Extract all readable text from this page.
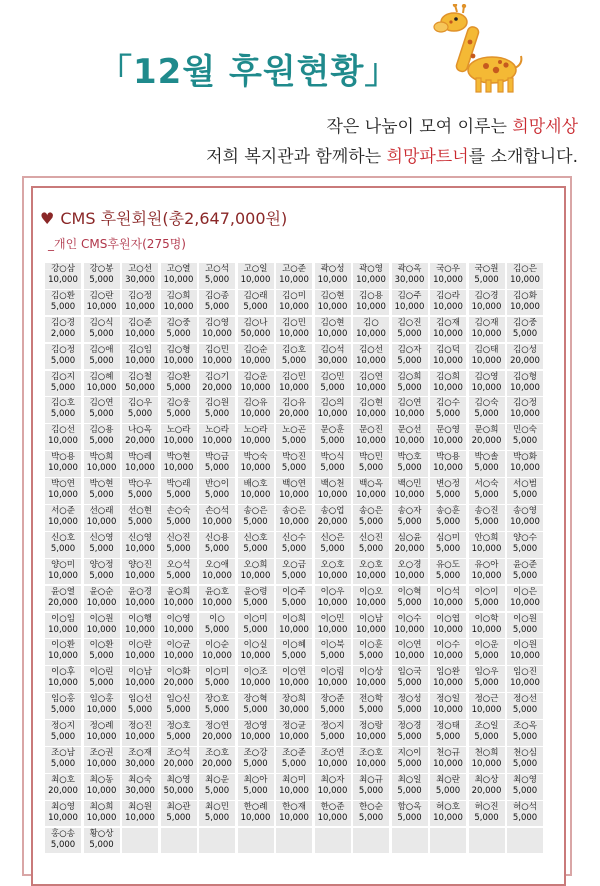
「12월 후원현황」
작은 나눔이 모여 이루는 희망세상
저희 복지관과 함께하는 희망파트너를 소개합니다.
♥ CMS 후원회원(총2,647,000원)
_개인 CMS후원자(275명)
강○삼
10,000
강○봉
5,000
고○선
30,000
고○열
10,000
고○석
5,000
고○일
10,000
고○준
10,000
곽○성
10,000
곽○영
10,000
곽○옥
30,000
국○우
10,000
국○원
5,000
김○은
10,000
김○환
5,000
김○란
10,000
김○정
10,000
김○희
10,000
김○종
5,000
김○래
5,000
김○미
10,000
김○현
10,000
김○용
10,000
김○주
10,000
김○라
10,000
김○경
10,000
김○화
10,000
김○경
2,000
김○식
5,000
김○준
10,000
김○중
5,000
김○영
10,000
김○나
50,000
김○민
10,000
김○현
10,000
김○
10,000
김○진
5,000
김○재
10,000
김○재
10,000
김○중
5,000
김○정
5,000
김○애
5,000
김○임
10,000
김○형
10,000
김○민
10,000
김○순
10,000
김○호
5,000
김○석
30,000
김○선
10,000
김○자
5,000
김○덕
10,000
김○태
10,000
김○성
20,000
김○지
5,000
김○혜
10,000
김○철
50,000
김○환
5,000
김○기
20,000
김○운
10,000
김○민
10,000
김○민
5,000
김○연
10,000
김○희
5,000
김○희
10,000
김○영
10,000
김○형
10,000
김○호
5,000
김○연
5,000
김○우
5,000
김○웅
5,000
김○원
5,000
김○유
10,000
김○유
20,000
김○의
10,000
김○현
10,000
김○연
10,000
김○수
5,000
김○숙
5,000
김○정
10,000
김○선
10,000
김○용
5,000
나○옥
20,000
노○라
10,000
노○라
10,000
노○라
10,000
노○곤
5,000
문○훈
5,000
문○진
10,000
문○선
10,000
문○영
10,000
문○희
20,000
민○숙
5,000
박○용
10,000
박○희
10,000
박○레
10,000
박○현
10,000
박○금
5,000
박○숙
10,000
박○진
5,000
박○식
5,000
박○민
5,000
박○호
5,000
박○용
10,000
박○솔
5,000
박○화
10,000
박○연
10,000
박○현
5,000
박○우
5,000
박○래
5,000
반○이
5,000
배○호
10,000
백○연
10,000
백○천
10,000
백○옥
10,000
백○민
10,000
변○정
5,000
서○숙
5,000
서○범
5,000
서○준
10,000
선○래
10,000
선○현
5,000
손○숙
5,000
손○석
10,000
송○은
5,000
송○은
10,000
송○업
20,000
송○은
5,000
송○자
5,000
송○훈
5,000
송○진
5,000
송○영
10,000
신○호
5,000
신○영
5,000
신○영
10,000
신○진
5,000
신○용
5,000
신○호
5,000
신○수
5,000
신○은
5,000
신○진
5,000
심○윤
20,000
심○미
5,000
안○희
10,000
양○수
5,000
양○미
10,000
양○정
5,000
양○진
10,000
오○석
5,000
오○애
10,000
오○희
10,000
오○금
5,000
오○호
10,000
오○호
10,000
오○경
10,000
유○도
5,000
유○아
10,000
윤○준
5,000
윤○열
20,000
윤○순
10,000
윤○경
10,000
윤○희
10,000
윤○호
10,000
윤○령
5,000
이○주
5,000
이○우
10,000
이○오
10,000
이○혁
5,000
이○석
10,000
이○이
5,000
이○은
10,000
이○임
10,000
이○원
10,000
이○행
10,000
이○영
10,000
이○
5,000
이○미
5,000
이○희
10,000
이○민
10,000
이○남
10,000
이○수
10,000
이○엽
10,000
이○학
10,000
이○원
5,000
이○환
10,000
이○환
5,000
이○란
10,000
이○균
10,000
이○순
10,000
이○실
10,000
이○혜
5,000
이○북
5,000
이○훈
5,000
이○연
10,000
이○수
10,000
이○운
5,000
이○원
10,000
이○후
10,000
이○린
5,000
이○남
10,000
이○화
20,000
이○미
5,000
이○조
10,000
이○연
10,000
이○림
10,000
이○상
10,000
임○국
5,000
임○완
10,000
임○우
5,000
임○진
10,000
임○홍
5,000
임○홍
10,000
임○선
5,000
임○신
5,000
장○호
5,000
장○혁
5,000
장○희
30,000
장○준
5,000
전○학
5,000
정○성
5,000
정○일
10,000
정○근
10,000
정○선
5,000
정○지
5,000
정○례
10,000
정○진
10,000
정○호
5,000
정○연
20,000
정○영
10,000
정○균
10,000
정○지
5,000
정○랑
10,000
정○경
5,000
정○태
5,000
조○일
5,000
조○옥
5,000
조○남
5,000
조○권
10,000
조○재
30,000
조○석
20,000
조○호
20,000
조○강
5,000
조○준
5,000
조○연
10,000
조○호
10,000
지○이
5,000
천○규
10,000
천○희
10,000
천○심
5,000
최○호
20,000
최○동
10,000
최○숙
30,000
최○영
50,000
최○운
5,000
최○아
5,000
최○미
10,000
최○자
10,000
최○규
5,000
최○일
5,000
최○란
5,000
최○상
20,000
최○영
5,000
최○영
10,000
최○희
10,000
최○원
10,000
최○관
5,000
최○민
5,000
한○례
10,000
한○재
10,000
한○준
10,000
한○순
5,000
함○옥
5,000
허○호
10,000
허○진
5,000
허○석
5,000
홍○송
5,000
황○상
5,000
